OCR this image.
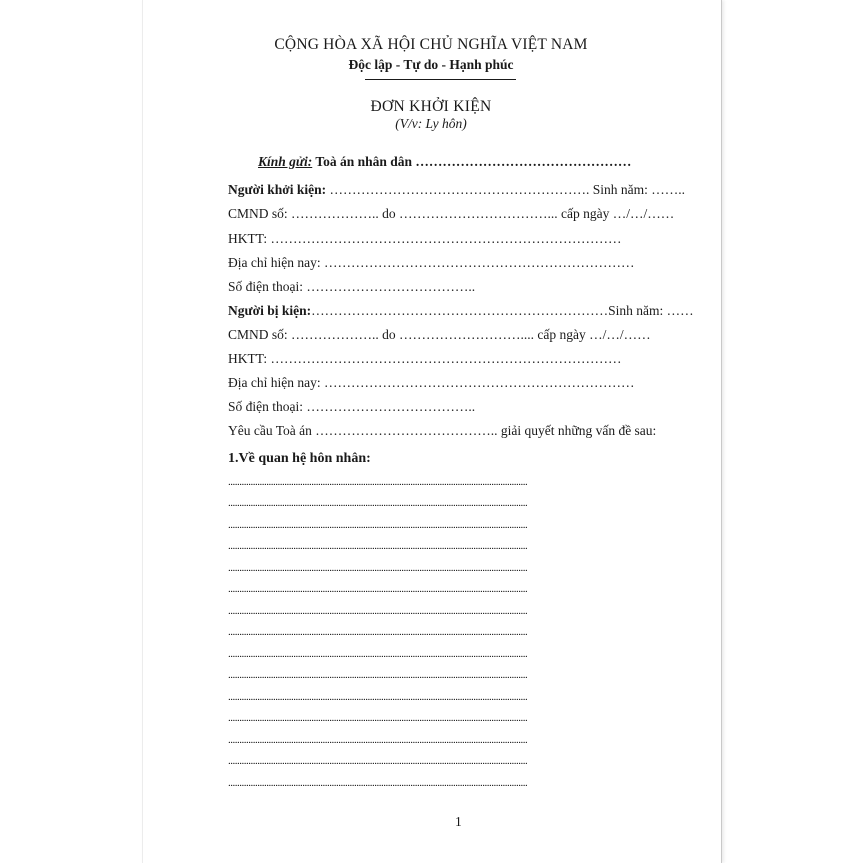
CỘNG HÒA XÃ HỘI CHỦ NGHĨA VIỆT NAM
Độc lập - Tự do - Hạnh phúc
ĐƠN KHỞI KIỆN
(V/v: Ly hôn)
Kính gửi: Toà án nhân dân …………………………………………
Người khởi kiện: …………………………………………………. Sinh năm: ……..
CMND số: ……………….. do ……………………………... cấp ngày …/…/……
HKTT: ……………………………………………………………………
Địa chỉ hiện nay: ……………………………………………………………
Số điện thoại: ………………………………..
Người bị kiện:…………………………………………………………Sinh năm: ……
CMND số: ……………….. do ……………………….... cấp ngày …/…/……
HKTT: ……………………………………………………………………
Địa chỉ hiện nay: ……………………………………………………………
Số điện thoại: ………………………………..
Yêu cầu Toà án ………………………………….. giải quyết những vấn đề sau:
1.Về quan hệ hôn nhân:
.....................................................................................................................................
.....................................................................................................................................
.....................................................................................................................................
.....................................................................................................................................
.....................................................................................................................................
.....................................................................................................................................
.....................................................................................................................................
.....................................................................................................................................
.....................................................................................................................................
.....................................................................................................................................
.....................................................................................................................................
.....................................................................................................................................
.....................................................................................................................................
.....................................................................................................................................
.....................................................................................................................................
1
